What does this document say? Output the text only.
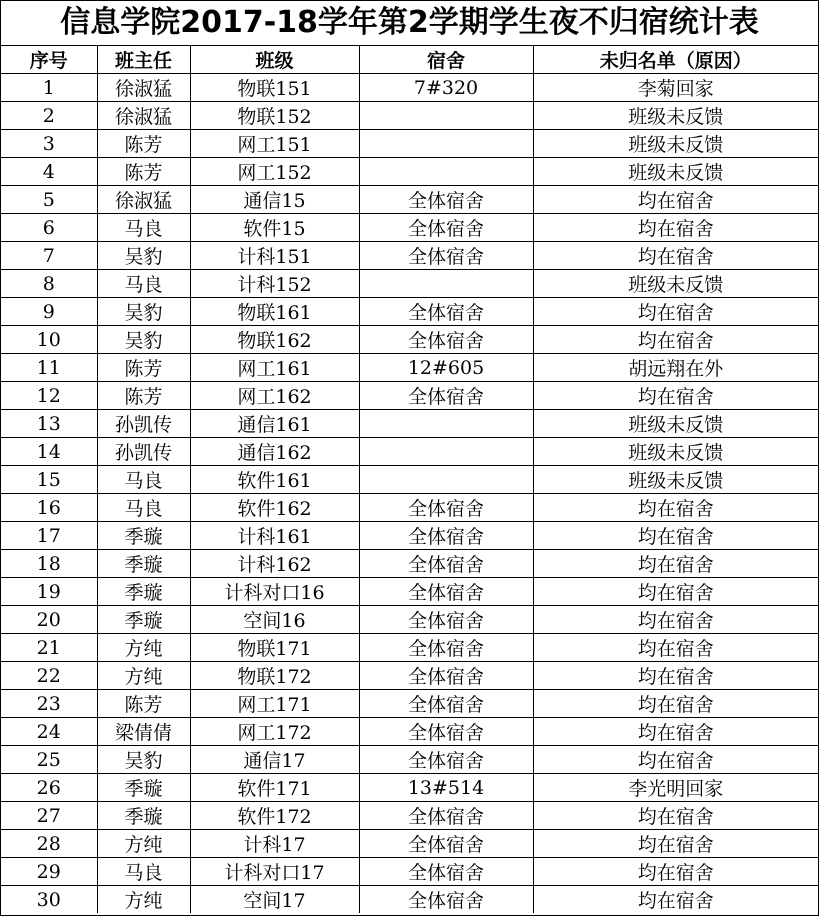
信息学院2017-18学年第2学期学生夜不归宿统计表
序号	班主任	班级	宿舍	未归名单（原因）
1	徐淑猛	物联151	7#320	李菊回家
2	徐淑猛	物联152		班级未反馈
3	陈芳	网工151		班级未反馈
4	陈芳	网工152		班级未反馈
5	徐淑猛	通信15	全体宿舍	均在宿舍
6	马良	软件15	全体宿舍	均在宿舍
7	吴豹	计科151	全体宿舍	均在宿舍
8	马良	计科152		班级未反馈
9	吴豹	物联161	全体宿舍	均在宿舍
10	吴豹	物联162	全体宿舍	均在宿舍
11	陈芳	网工161	12#605	胡远翔在外
12	陈芳	网工162	全体宿舍	均在宿舍
13	孙凯传	通信161		班级未反馈
14	孙凯传	通信162		班级未反馈
15	马良	软件161		班级未反馈
16	马良	软件162	全体宿舍	均在宿舍
17	季璇	计科161	全体宿舍	均在宿舍
18	季璇	计科162	全体宿舍	均在宿舍
19	季璇	计科对口16	全体宿舍	均在宿舍
20	季璇	空间16	全体宿舍	均在宿舍
21	方纯	物联171	全体宿舍	均在宿舍
22	方纯	物联172	全体宿舍	均在宿舍
23	陈芳	网工171	全体宿舍	均在宿舍
24	梁倩倩	网工172	全体宿舍	均在宿舍
25	吴豹	通信17	全体宿舍	均在宿舍
26	季璇	软件171	13#514	李光明回家
27	季璇	软件172	全体宿舍	均在宿舍
28	方纯	计科17	全体宿舍	均在宿舍
29	马良	计科对口17	全体宿舍	均在宿舍
30	方纯	空间17	全体宿舍	均在宿舍
